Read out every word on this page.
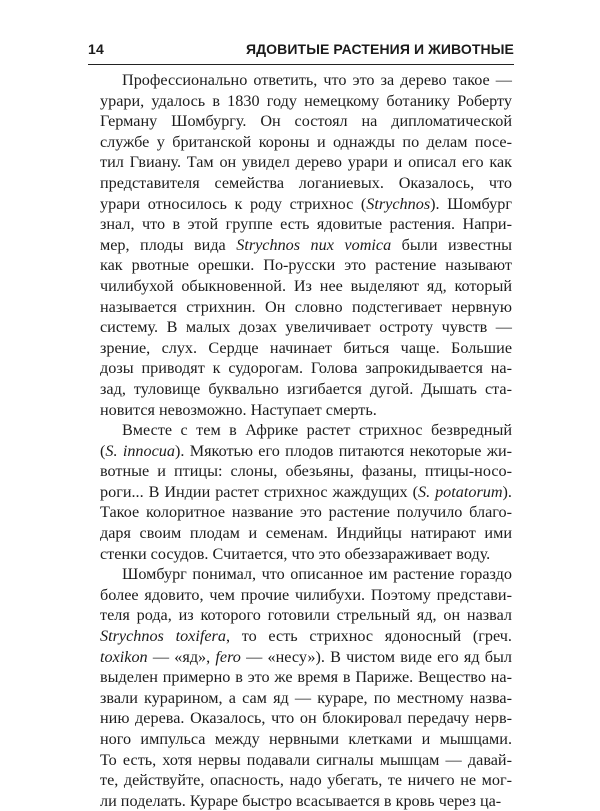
14	ЯДОВИТЫЕ РАСТЕНИЯ И ЖИВОТНЫЕ
Профессионально ответить, что это за дерево такое —
урари, удалось в 1830 году немецкому ботанику Роберту
Герману Шомбургу. Он состоял на дипломатической
службе у британской короны и однажды по делам посе-
тил Гвиану. Там он увидел дерево урари и описал его как
представителя семейства логаниевых. Оказалось, что
урари относилось к роду стрихнос (Strychnos). Шомбург
знал, что в этой группе есть ядовитые растения. Напри-
мер, плоды вида Strychnos nux vomica были известны
как рвотные орешки. По-русски это растение называют
чилибухой обыкновенной. Из нее выделяют яд, который
называется стрихнин. Он словно подстегивает нервную
систему. В малых дозах увеличивает остроту чувств —
зрение, слух. Сердце начинает биться чаще. Большие
дозы приводят к судорогам. Голова запрокидывается на-
зад, туловище буквально изгибается дугой. Дышать ста-
новится невозможно. Наступает смерть.
Вместе с тем в Африке растет стрихнос безвредный
(S. innocua). Мякотью его плодов питаются некоторые жи-
вотные и птицы: слоны, обезьяны, фазаны, птицы-носо-
роги... В Индии растет стрихнос жаждущих (S. potatorum).
Такое колоритное название это растение получило благо-
даря своим плодам и семенам. Индийцы натирают ими
стенки сосудов. Считается, что это обеззараживает воду.
Шомбург понимал, что описанное им растение гораздо
более ядовито, чем прочие чилибухи. Поэтому представи-
теля рода, из которого готовили стрельный яд, он назвал
Strychnos toxifera, то есть стрихнос ядоносный (греч.
toxikon — «яд», fero — «несу»). В чистом виде его яд был
выделен примерно в это же время в Париже. Вещество на-
звали курарином, а сам яд — кураре, по местному назва-
нию дерева. Оказалось, что он блокировал передачу нерв-
ного импульса между нервными клетками и мышцами.
То есть, хотя нервы подавали сигналы мышцам — давай-
те, действуйте, опасность, надо убегать, те ничего не мог-
ли поделать. Кураре быстро всасывается в кровь через ца-
